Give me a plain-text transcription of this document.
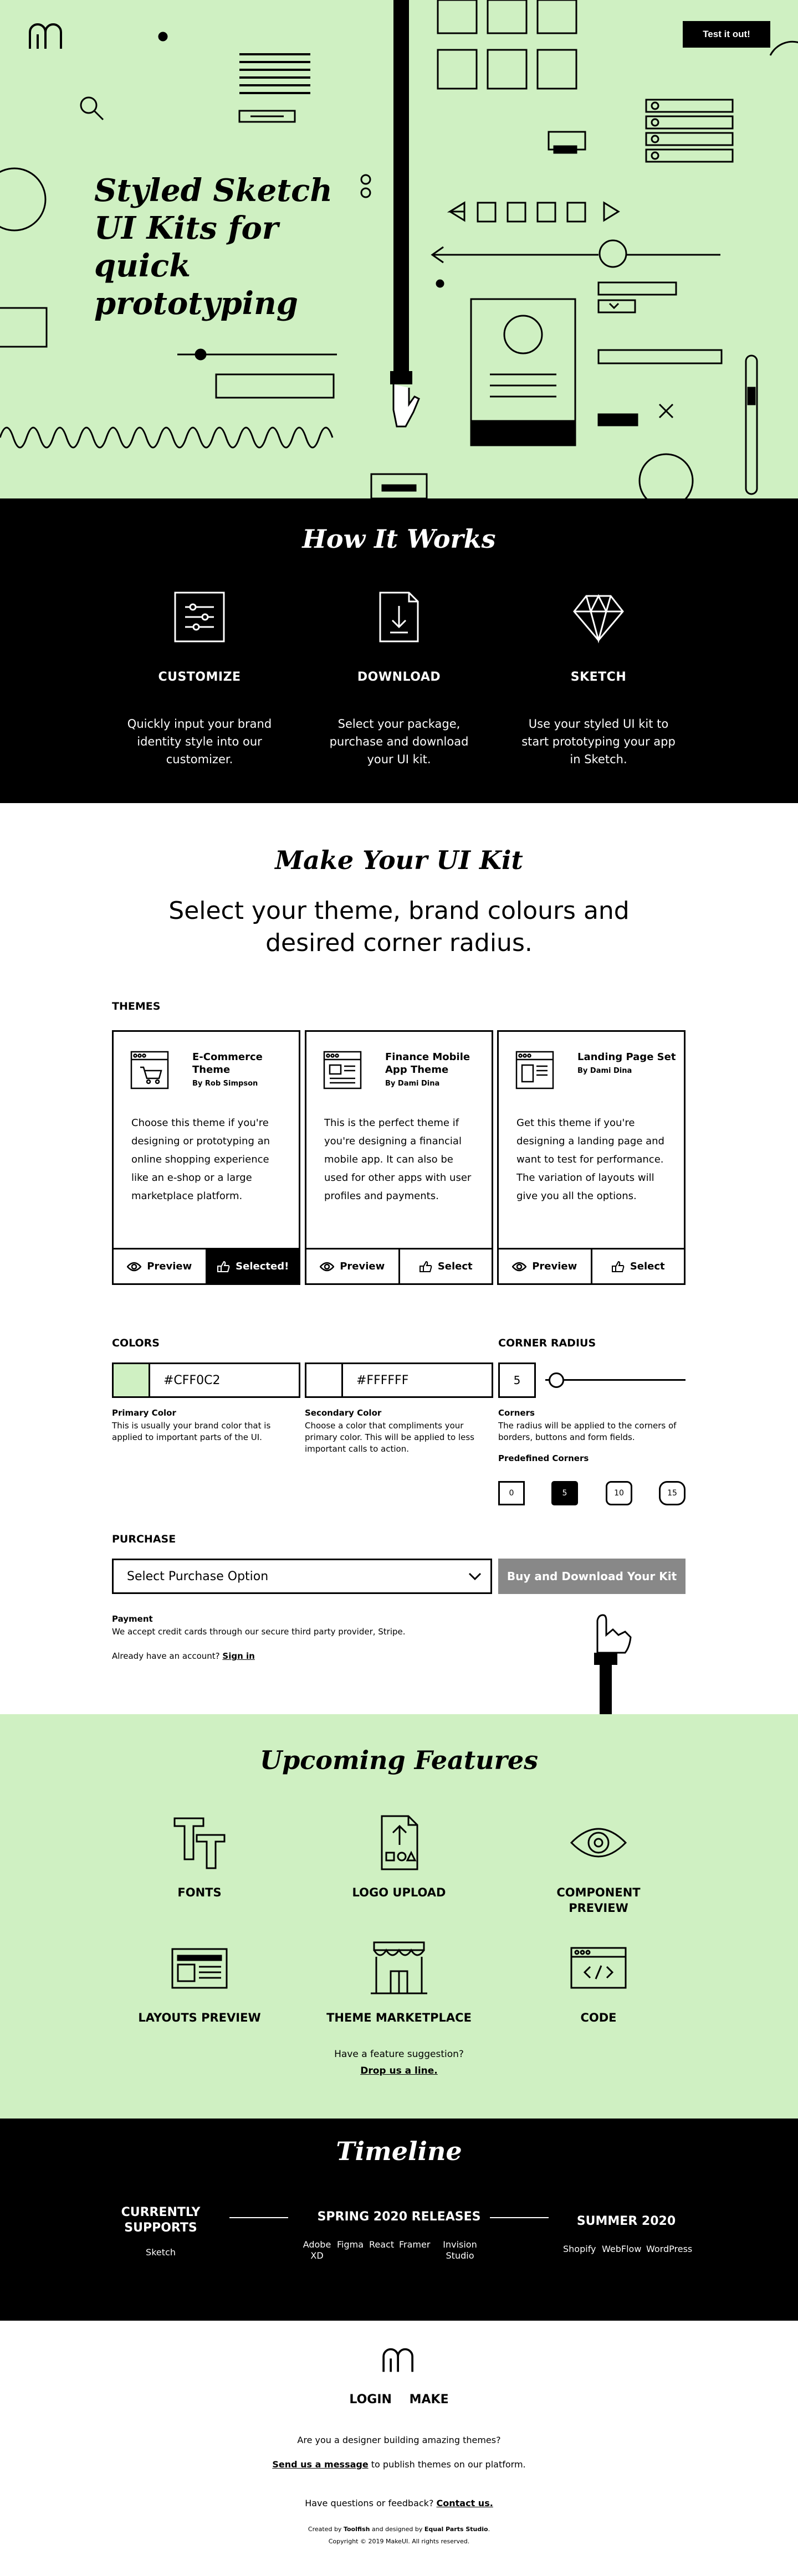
Test it out!
Styled Sketch
UI Kits for quick
prototyping
How It Works
CUSTOMIZE

Quickly input your brand identity style into our customizer.

DOWNLOAD

Select your package, purchase and download your UI kit.

SKETCH

Use your styled UI kit to start prototyping your app in Sketch.

Make Your UI Kit
Select your theme, brand colours and
desired corner radius.
THEMES
E-Commerce Theme
By Rob Simpson
Choose this theme if you're designing or prototyping an online shopping experience like an e-shop or a large marketplace platform.
Preview	Selected!
Finance Mobile App Theme
By Dami Dina
This is the perfect theme if you're designing a financial mobile app. It can also be used for other apps with user profiles and payments.
Preview	Select
Landing Page Set
By Dami Dina
Get this theme if you're designing a landing page and want to test for performance. The variation of layouts will give you all the options.
Preview	Select
COLORS
#CFF0C2
Primary Color
This is usually your brand color that is
applied to important parts of the UI.
#FFFFFF
Secondary Color
Choose a color that compliments your
primary color. This will be applied to less
important calls to action.
CORNER RADIUS
5
Corners
The radius will be applied to the corners of
borders, buttons and form fields.
Predefined Corners
0	5	10	15
PURCHASE
Select Purchase Option	Buy and Download Your Kit
Payment
We accept credit cards through our secure third party provider, Stripe.
Already have an account? Sign in
Upcoming Features
FONTS	LOGO UPLOAD	COMPONENT
PREVIEW
LAYOUTS PREVIEW	THEME MARKETPLACE	CODE
Have a feature suggestion?
Drop us a line.
Timeline
CURRENTLY
SUPPORTS
Sketch
SPRING 2020 RELEASES
Adobe XD
Figma React Framer	Invision Studio
SUMMER 2020
Shopify WebFlow WordPress
LOGIN MAKE
Are you a designer building amazing themes?
Send us a message to publish themes on our platform.
Have questions or feedback? Contact us.
Created by Toolfish and designed by Equal Parts Studio.
Copyright © 2019 MakeUI. All rights reserved.
